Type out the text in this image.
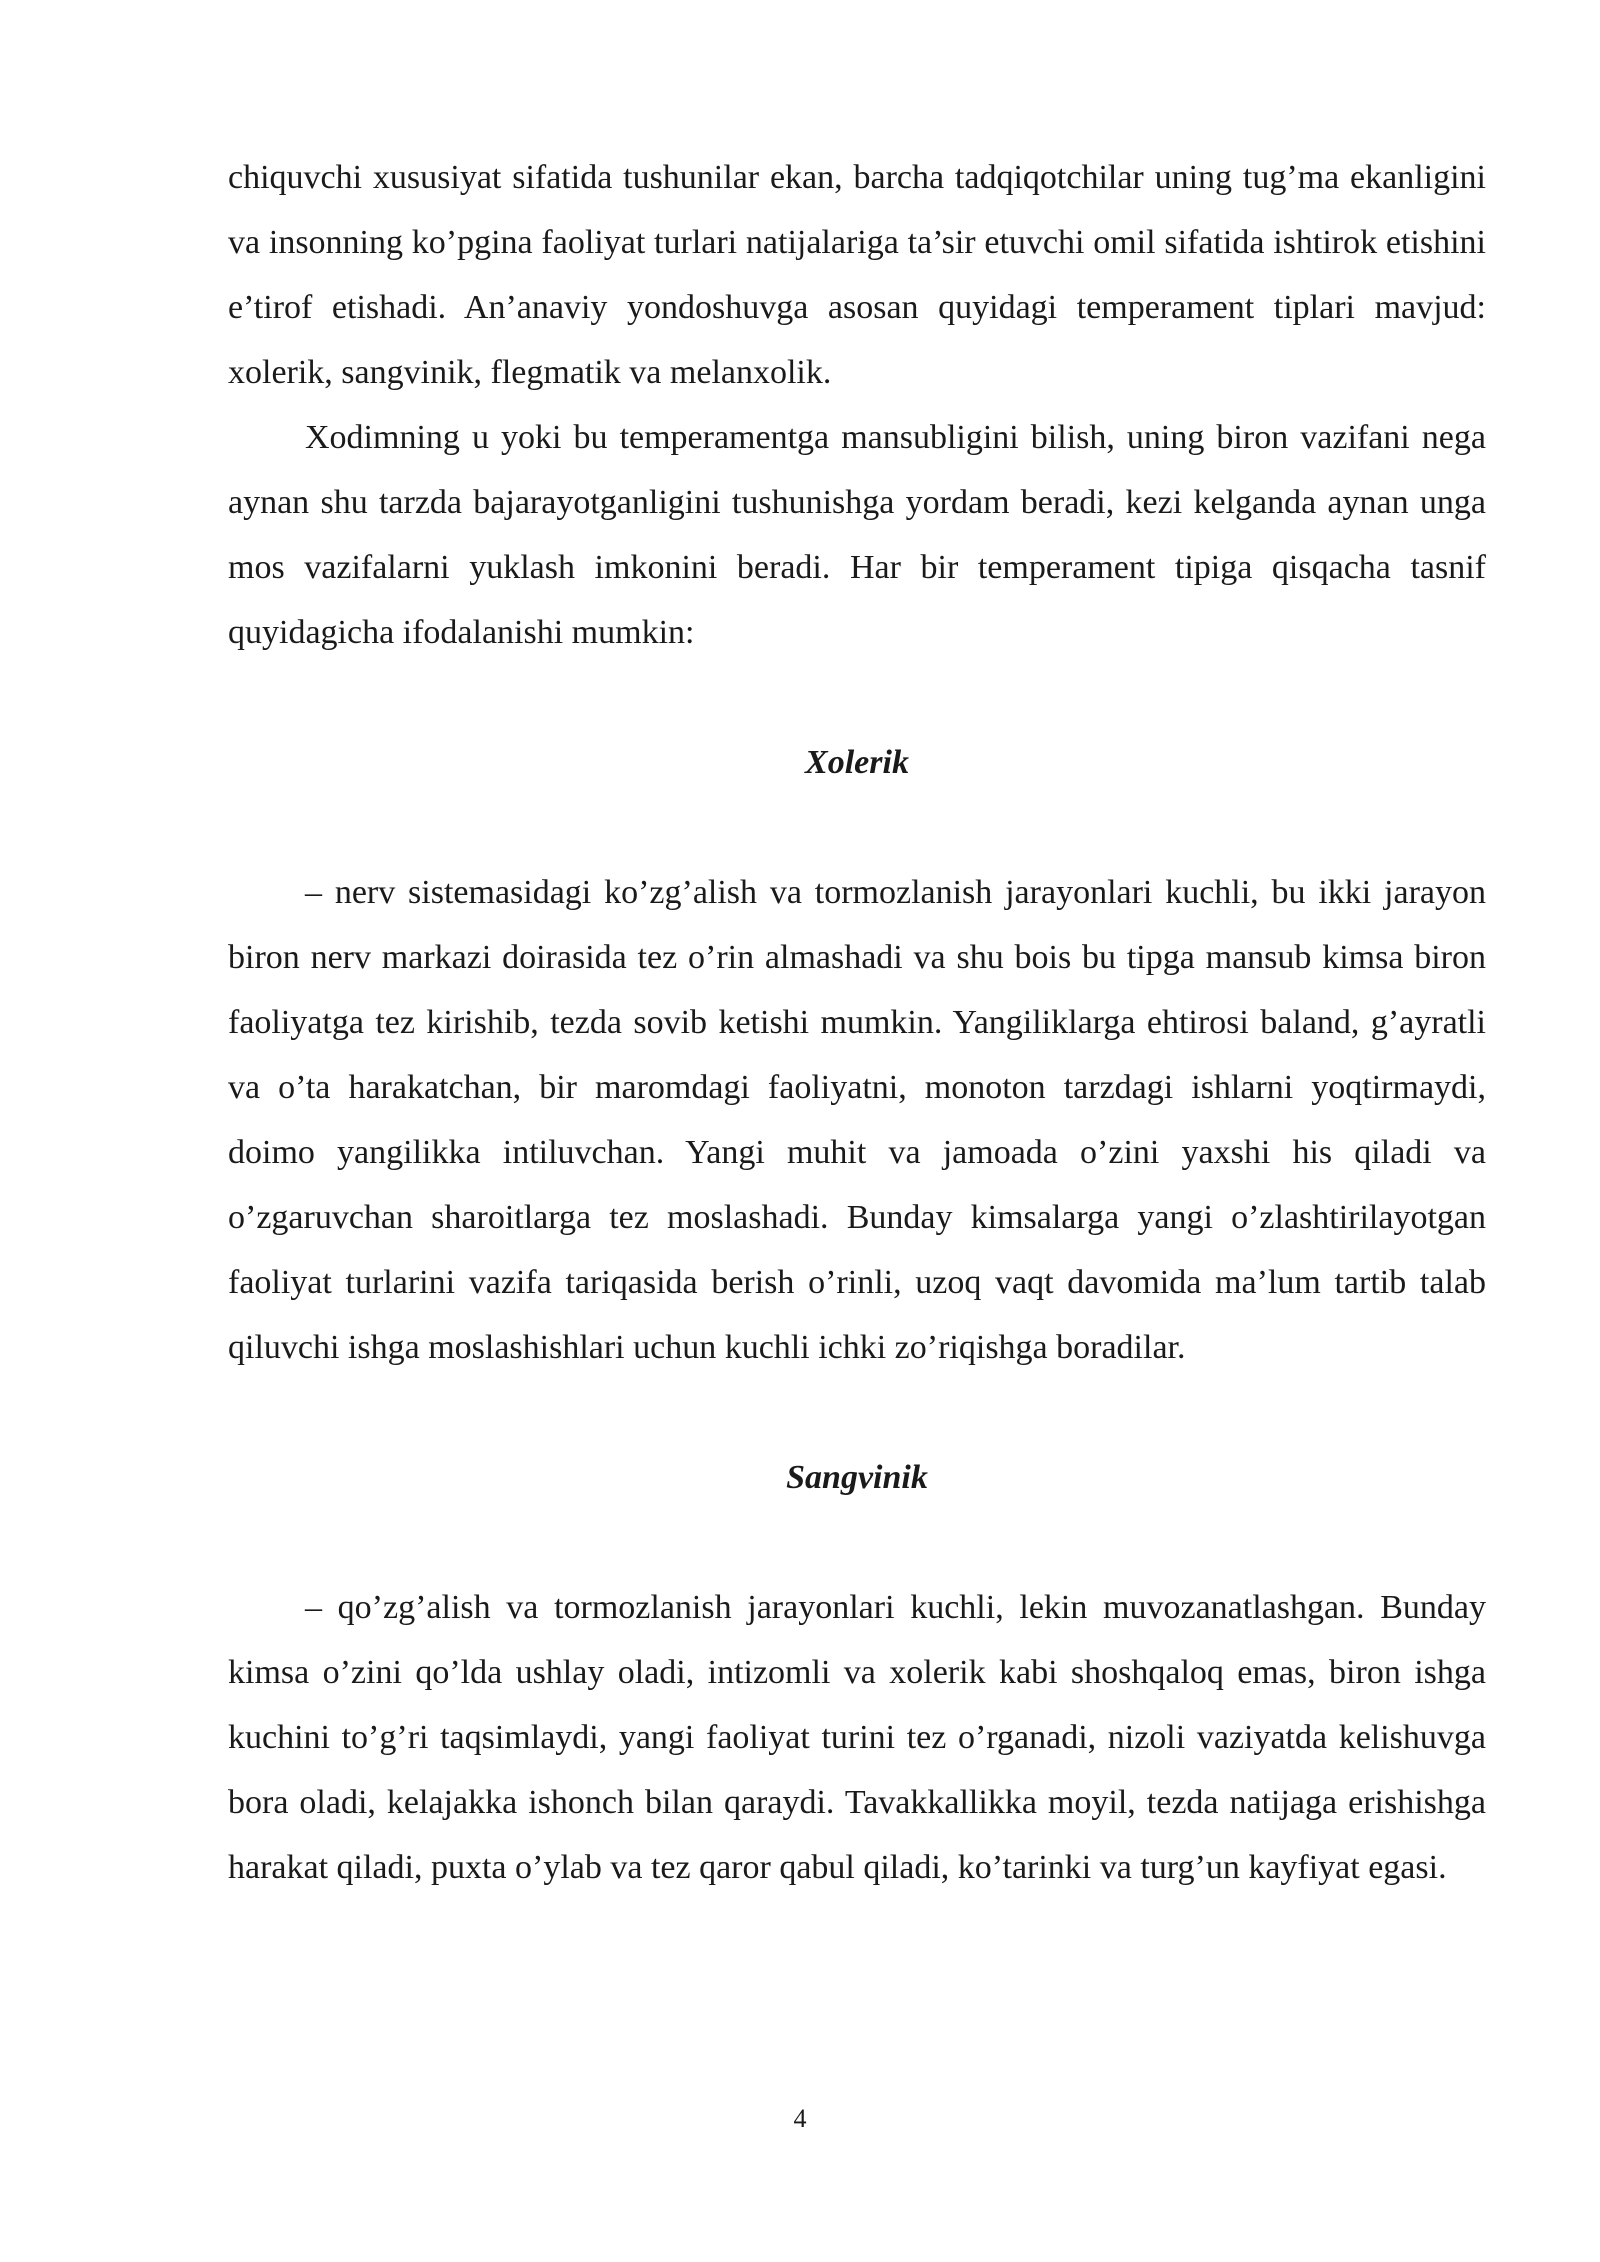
chiquvchi xususiyat sifatida tushunilar ekan, barcha tadqiqotchilar uning tug’ma ekanligini va insonning ko’pgina faoliyat turlari natijalariga ta’sir etuvchi omil sifatida ishtirok etishini e’tirof etishadi. An’anaviy yondoshuvga asosan quyidagi temperament tiplari mavjud: xolerik, sangvinik, flegmatik va melanxolik.

Xodimning u yoki bu temperamentga mansubligini bilish, uning biron vazifani nega aynan shu tarzda bajarayotganligini tushunishga yordam beradi, kezi kelganda aynan unga mos vazifalarni yuklash imkonini beradi. Har bir temperament tipiga qisqacha tasnif quyidagicha ifodalanishi mumkin:

Xolerik

– nerv sistemasidagi ko’zg’alish va tormozlanish jarayonlari kuchli, bu ikki jarayon biron nerv markazi doirasida tez o’rin almashadi va shu bois bu tipga mansub kimsa biron faoliyatga tez kirishib, tezda sovib ketishi mumkin. Yangiliklarga ehtirosi baland, g’ayratli va o’ta harakatchan, bir maromdagi faoliyatni, monoton tarzdagi ishlarni yoqtirmaydi, doimo yangilikka intiluvchan. Yangi muhit va jamoada o’zini yaxshi his qiladi va o’zgaruvchan sharoitlarga tez moslashadi. Bunday kimsalarga yangi o’zlashtirilayotgan faoliyat turlarini vazifa tariqasida berish o’rinli, uzoq vaqt davomida ma’lum tartib talab qiluvchi ishga moslashishlari uchun kuchli ichki zo’riqishga boradilar.

Sangvinik

– qo’zg’alish va tormozlanish jarayonlari kuchli, lekin muvozanatlashgan. Bunday kimsa o’zini qo’lda ushlay oladi, intizomli va xolerik kabi shoshqaloq emas, biron ishga kuchini to’g’ri taqsimlaydi, yangi faoliyat turini tez o’rganadi, nizoli vaziyatda kelishuvga bora oladi, kelajakka ishonch bilan qaraydi. Tavakkallikka moyil, tezda natijaga erishishga harakat qiladi, puxta o’ylab va tez qaror qabul qiladi, ko’tarinki va turg’un kayfiyat egasi.

4
